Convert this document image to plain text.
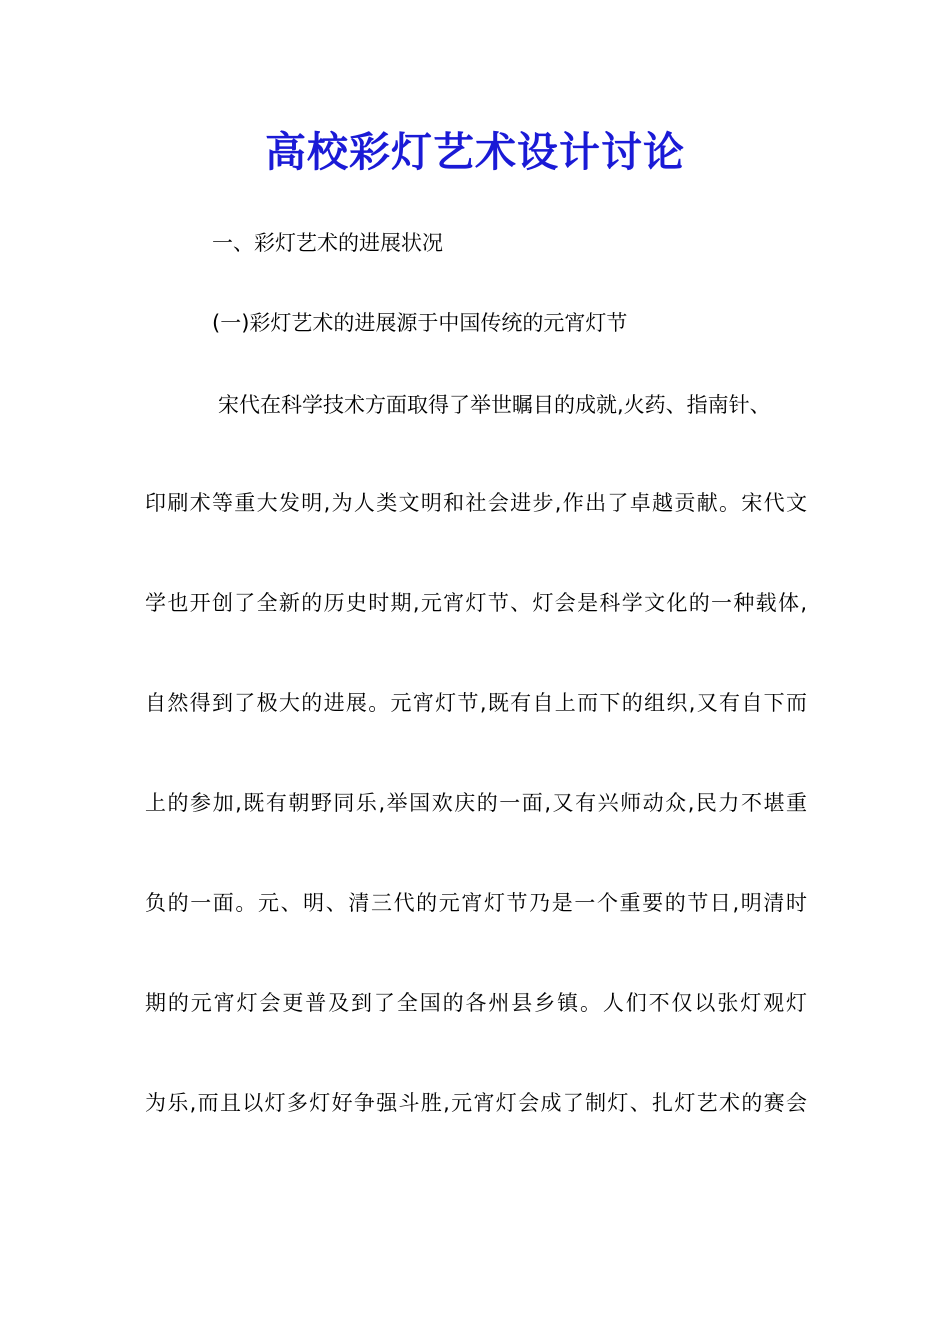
高校彩灯艺术设计讨论
一、彩灯艺术的进展状况
(一)彩灯艺术的进展源于中国传统的元宵灯节
宋代在科学技术方面取得了举世瞩目的成就,火药、指南针、
印刷术等重大发明,为人类文明和社会进步,作出了卓越贡献。宋代文
学也开创了全新的历史时期,元宵灯节、灯会是科学文化的一种载体,
自然得到了极大的进展。元宵灯节,既有自上而下的组织,又有自下而
上的参加,既有朝野同乐,举国欢庆的一面,又有兴师动众,民力不堪重
负的一面。元、明、清三代的元宵灯节乃是一个重要的节日,明清时
期的元宵灯会更普及到了全国的各州县乡镇。人们不仅以张灯观灯
为乐,而且以灯多灯好争强斗胜,元宵灯会成了制灯、扎灯艺术的赛会
